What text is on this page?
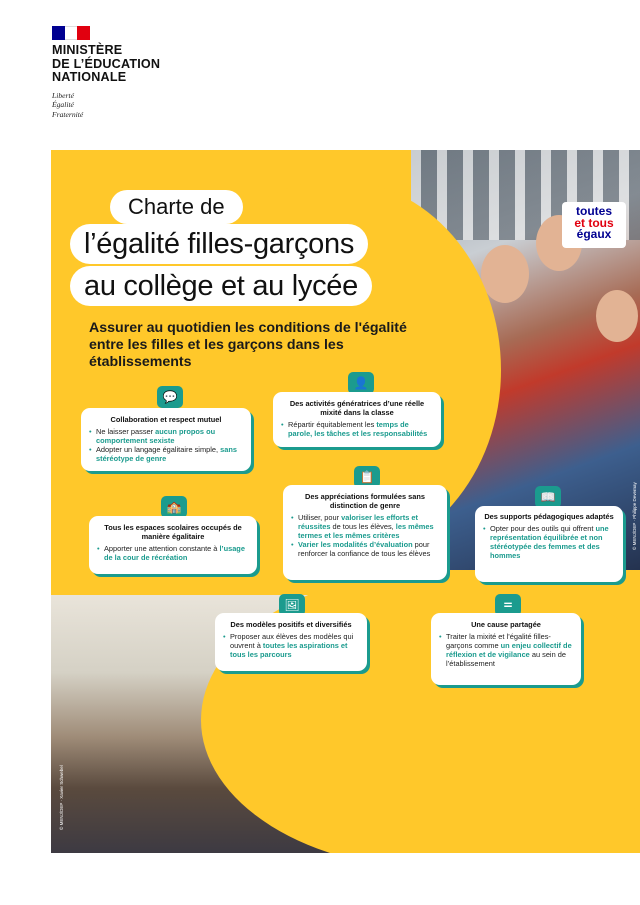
MINISTÈRE
DE L’ÉDUCATION
NATIONALE
Liberté
Égalité
Fraternité
Charte de
l’égalité filles-garçons
au collège et au lycée
toutes
et tous
égaux
Assurer au quotidien les conditions de l'égalité entre les filles et les garçons dans les établissements
💬
Collaboration et respect mutuel
• Ne laisser passer aucun propos ou comportement sexiste
• Adopter un langage égalitaire simple, sans stéréotype de genre
👤
Des activités génératrices d’une réelle mixité dans la classe
• Répartir équitablement les temps de parole, les tâches et les responsabilités
🏫
Tous les espaces scolaires occupés de manière égalitaire
• Apporter une attention constante à l’usage de la cour de récréation
📋
Des appréciations formulées sans distinction de genre
• Utiliser, pour valoriser les efforts et réussites de tous les élèves, les mêmes termes et les mêmes critères
• Varier les modalités d’évaluation pour renforcer la confiance de tous les élèves
📖
Des supports pédagogiques adaptés
• Opter pour des outils qui offrent une représentation équilibrée et non stéréotypée des femmes et des hommes
🖼
Des modèles positifs et diversifiés
• Proposer aux élèves des modèles qui ouvrent à toutes les aspirations et tous les parcours
=
Une cause partagée
• Traiter la mixité et l’égalité filles-garçons comme un enjeu collectif de réflexion et de vigilance au sein de l’établissement
© MENJ/DEP · Philippe Devernay
© MENJ/DEP · Xavier Schwebel
